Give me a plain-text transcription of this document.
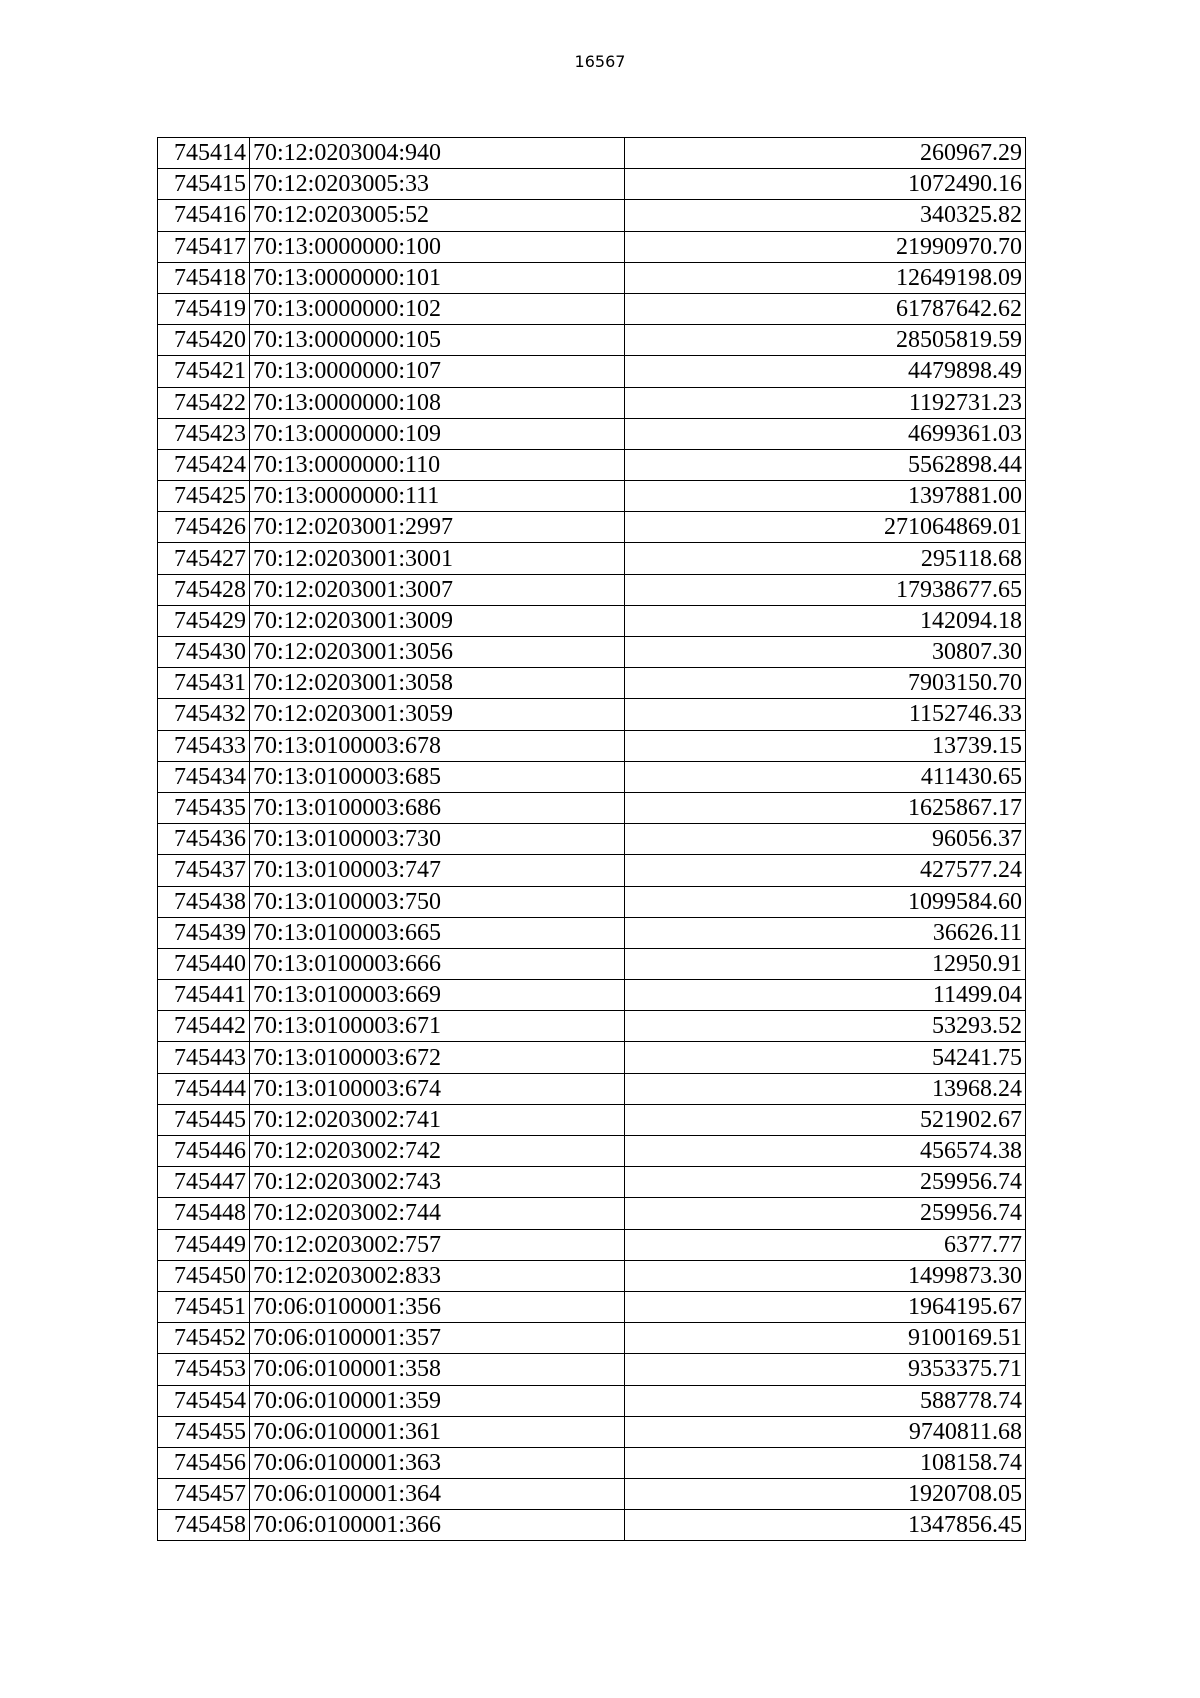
16567
745414	70:12:0203004:940	260967.29
745415	70:12:0203005:33	1072490.16
745416	70:12:0203005:52	340325.82
745417	70:13:0000000:100	21990970.70
745418	70:13:0000000:101	12649198.09
745419	70:13:0000000:102	61787642.62
745420	70:13:0000000:105	28505819.59
745421	70:13:0000000:107	4479898.49
745422	70:13:0000000:108	1192731.23
745423	70:13:0000000:109	4699361.03
745424	70:13:0000000:110	5562898.44
745425	70:13:0000000:111	1397881.00
745426	70:12:0203001:2997	271064869.01
745427	70:12:0203001:3001	295118.68
745428	70:12:0203001:3007	17938677.65
745429	70:12:0203001:3009	142094.18
745430	70:12:0203001:3056	30807.30
745431	70:12:0203001:3058	7903150.70
745432	70:12:0203001:3059	1152746.33
745433	70:13:0100003:678	13739.15
745434	70:13:0100003:685	411430.65
745435	70:13:0100003:686	1625867.17
745436	70:13:0100003:730	96056.37
745437	70:13:0100003:747	427577.24
745438	70:13:0100003:750	1099584.60
745439	70:13:0100003:665	36626.11
745440	70:13:0100003:666	12950.91
745441	70:13:0100003:669	11499.04
745442	70:13:0100003:671	53293.52
745443	70:13:0100003:672	54241.75
745444	70:13:0100003:674	13968.24
745445	70:12:0203002:741	521902.67
745446	70:12:0203002:742	456574.38
745447	70:12:0203002:743	259956.74
745448	70:12:0203002:744	259956.74
745449	70:12:0203002:757	6377.77
745450	70:12:0203002:833	1499873.30
745451	70:06:0100001:356	1964195.67
745452	70:06:0100001:357	9100169.51
745453	70:06:0100001:358	9353375.71
745454	70:06:0100001:359	588778.74
745455	70:06:0100001:361	9740811.68
745456	70:06:0100001:363	108158.74
745457	70:06:0100001:364	1920708.05
745458	70:06:0100001:366	1347856.45
